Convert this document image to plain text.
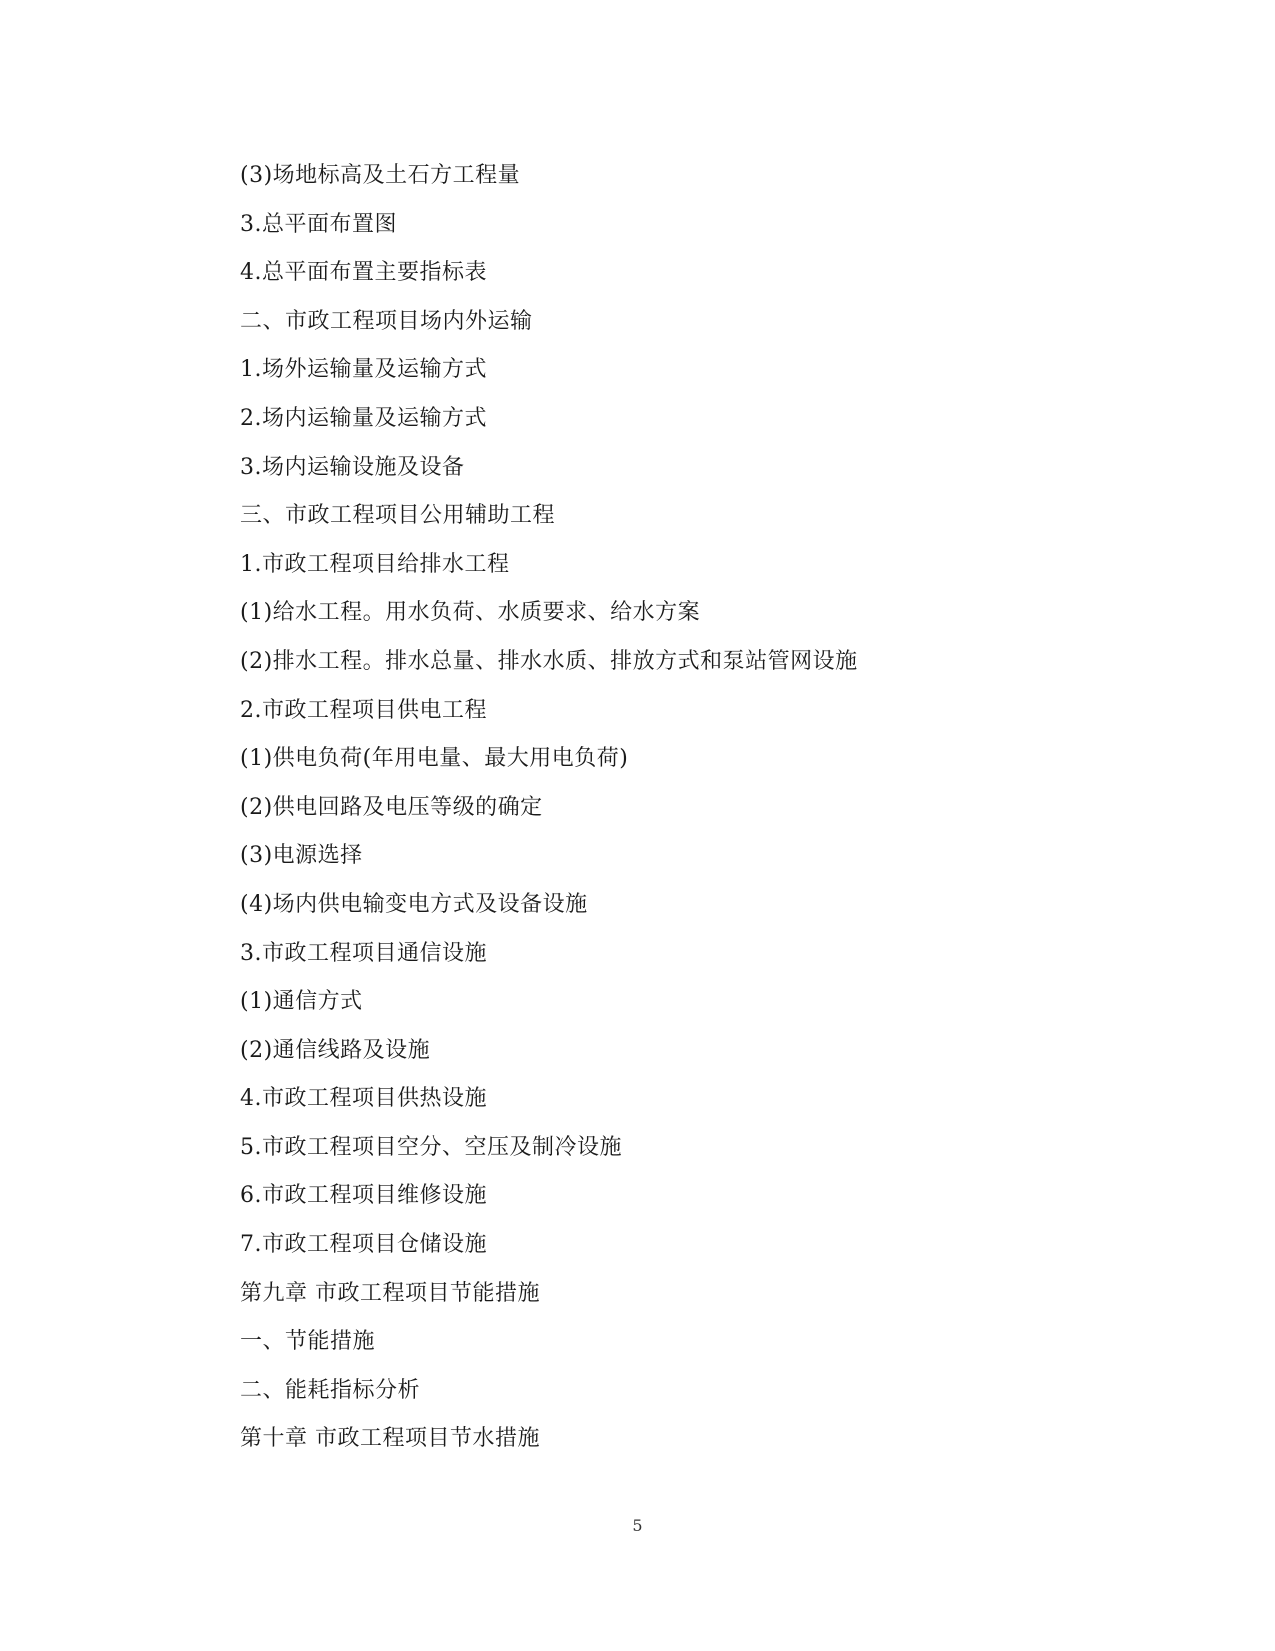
(3)场地标高及土石方工程量
3.总平面布置图
4.总平面布置主要指标表
二、市政工程项目场内外运输
1.场外运输量及运输方式
2.场内运输量及运输方式
3.场内运输设施及设备
三、市政工程项目公用辅助工程
1.市政工程项目给排水工程
(1)给水工程。用水负荷、水质要求、给水方案
(2)排水工程。排水总量、排水水质、排放方式和泵站管网设施
2.市政工程项目供电工程
(1)供电负荷(年用电量、最大用电负荷)
(2)供电回路及电压等级的确定
(3)电源选择
(4)场内供电输变电方式及设备设施
3.市政工程项目通信设施
(1)通信方式
(2)通信线路及设施
4.市政工程项目供热设施
5.市政工程项目空分、空压及制冷设施
6.市政工程项目维修设施
7.市政工程项目仓储设施
第九章 市政工程项目节能措施
一、节能措施
二、能耗指标分析
第十章 市政工程项目节水措施
5
